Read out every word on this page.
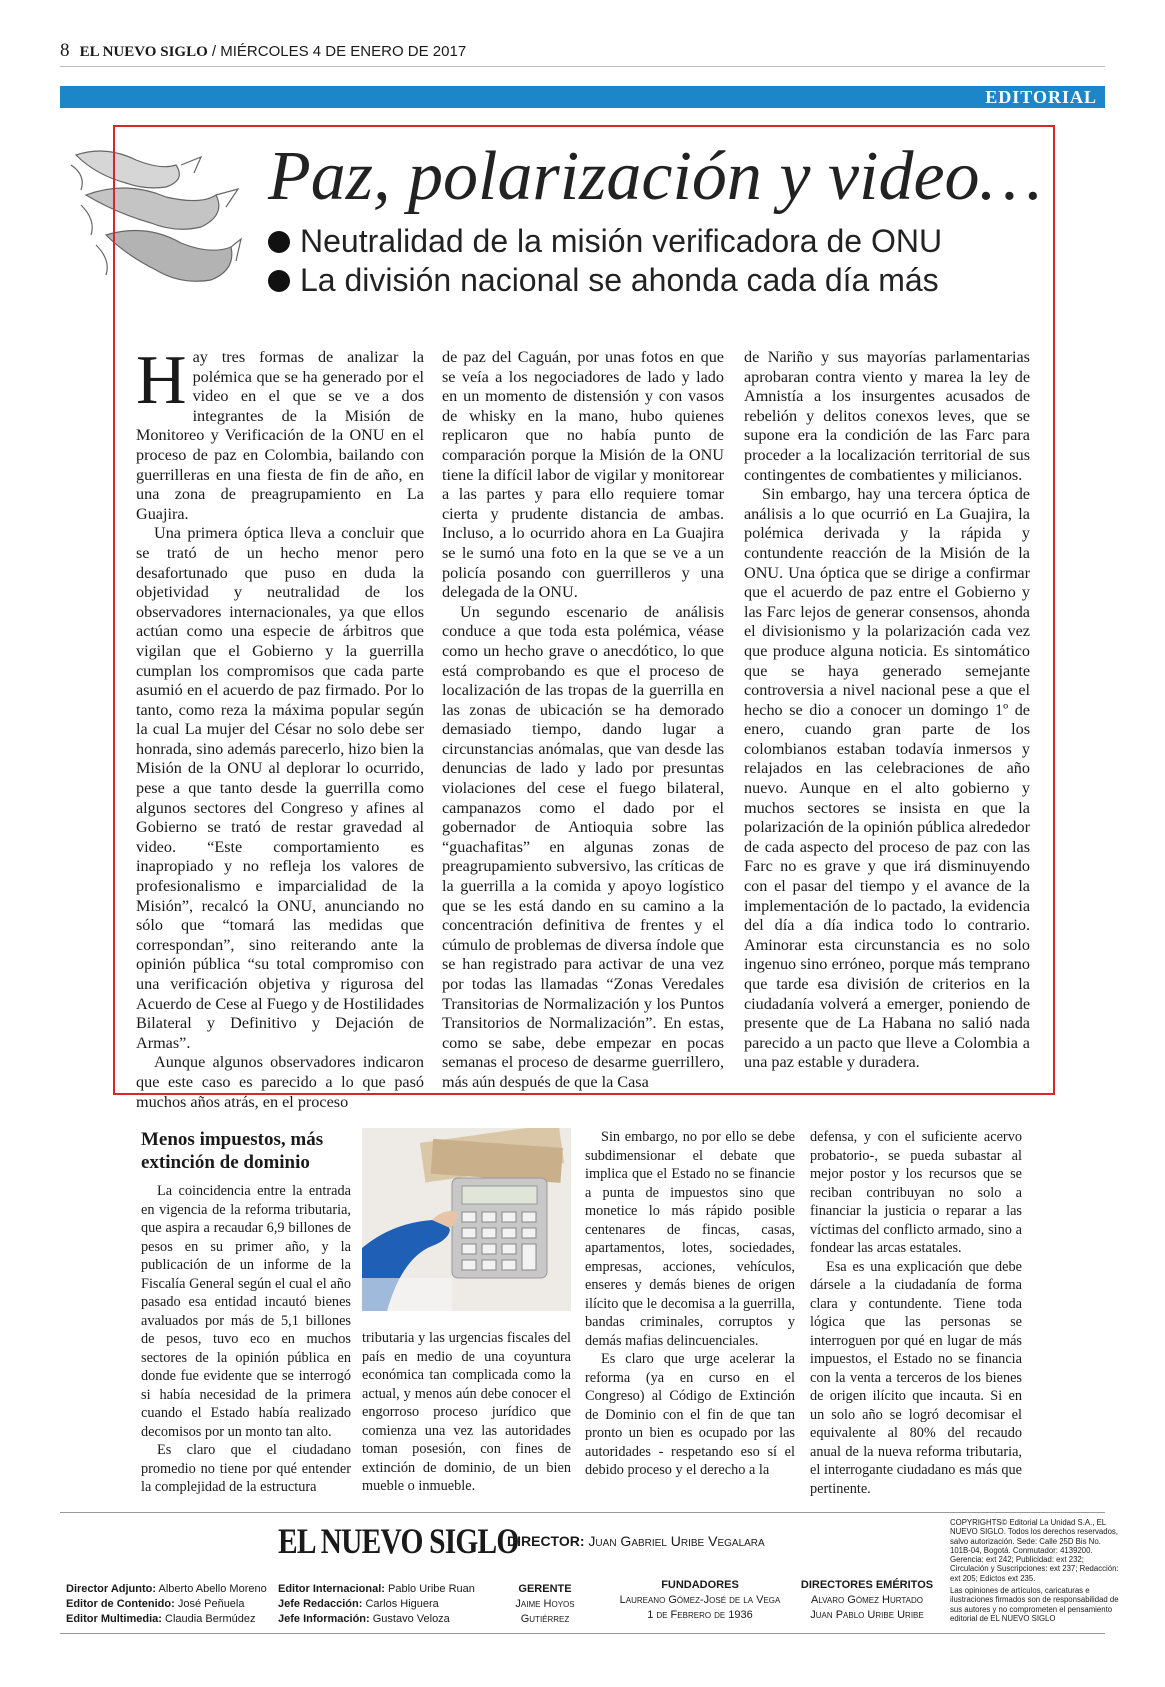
8 EL NUEVO SIGLO / MIÉRCOLES 4 DE ENERO DE 2017
EDITORIAL
Paz, polarización y video…
Neutralidad de la misión verificadora de ONU
La división nacional se ahonda cada día más

Hay tres formas de analizar la polémica que se ha generado por el video en el que se ve a dos integrantes de la Misión de Monitoreo y Verificación de la ONU en el proceso de paz en Colombia, bailando con guerrilleras en una fiesta de fin de año, en una zona de preagrupamiento en La Guajira.

Una primera óptica lleva a concluir que se trató de un hecho menor pero desafortunado que puso en duda la objetividad y neutralidad de los observadores internacionales, ya que ellos actúan como una especie de árbitros que vigilan que el Gobierno y la guerrilla cumplan los compromisos que cada parte asumió en el acuerdo de paz firmado. Por lo tanto, como reza la máxima popular según la cual La mujer del César no solo debe ser honrada, sino además parecerlo, hizo bien la Misión de la ONU al deplorar lo ocurrido, pese a que tanto desde la guerrilla como algunos sectores del Congreso y afines al Gobierno se trató de restar gravedad al video. “Este comportamiento es inapropiado y no refleja los valores de profesionalismo e imparcialidad de la Misión”, recalcó la ONU, anunciando no sólo que “tomará las medidas que correspondan”, sino reiterando ante la opinión pública “su total compromiso con una verificación objetiva y rigurosa del Acuerdo de Cese al Fuego y de Hostilidades Bilateral y Definitivo y Dejación de Armas”.

Aunque algunos observadores indicaron que este caso es parecido a lo que pasó muchos años atrás, en el proceso

de paz del Caguán, por unas fotos en que se veía a los negociadores de lado y lado en un momento de distensión y con vasos de whisky en la mano, hubo quienes replicaron que no había punto de comparación porque la Misión de la ONU tiene la difícil labor de vigilar y monitorear a las partes y para ello requiere tomar cierta y prudente distancia de ambas. Incluso, a lo ocurrido ahora en La Guajira se le sumó una foto en la que se ve a un policía posando con guerrilleros y una delegada de la ONU.

Un segundo escenario de análisis conduce a que toda esta polémica, véase como un hecho grave o anecdótico, lo que está comprobando es que el proceso de localización de las tropas de la guerrilla en las zonas de ubicación se ha demorado demasiado tiempo, dando lugar a circunstancias anómalas, que van desde las denuncias de lado y lado por presuntas violaciones del cese el fuego bilateral, campanazos como el dado por el gobernador de Antioquia sobre las “guachafitas” en algunas zonas de preagrupamiento subversivo, las críticas de la guerrilla a la comida y apoyo logístico que se les está dando en su camino a la concentración definitiva de frentes y el cúmulo de problemas de diversa índole que se han registrado para activar de una vez por todas las llamadas “Zonas Veredales Transitorias de Normalización y los Puntos Transitorios de Normalización”. En estas, como se sabe, debe empezar en pocas semanas el proceso de desarme guerrillero, más aún después de que la Casa

de Nariño y sus mayorías parlamentarias aprobaran contra viento y marea la ley de Amnistía a los insurgentes acusados de rebelión y delitos conexos leves, que se supone era la condición de las Farc para proceder a la localización territorial de sus contingentes de combatientes y milicianos.

Sin embargo, hay una tercera óptica de análisis a lo que ocurrió en La Guajira, la polémica derivada y la rápida y contundente reacción de la Misión de la ONU. Una óptica que se dirige a confirmar que el acuerdo de paz entre el Gobierno y las Farc lejos de generar consensos, ahonda el divisionismo y la polarización cada vez que produce alguna noticia. Es sintomático que se haya generado semejante controversia a nivel nacional pese a que el hecho se dio a conocer un domingo 1º de enero, cuando gran parte de los colombianos estaban todavía inmersos y relajados en las celebraciones de año nuevo. Aunque en el alto gobierno y muchos sectores se insista en que la polarización de la opinión pública alrededor de cada aspecto del proceso de paz con las Farc no es grave y que irá disminuyendo con el pasar del tiempo y el avance de la implementación de lo pactado, la evidencia del día a día indica todo lo contrario. Aminorar esta circunstancia es no solo ingenuo sino erróneo, porque más temprano que tarde esa división de criterios en la ciudadanía volverá a emerger, poniendo de presente que de La Habana no salió nada parecido a un pacto que lleve a Colombia a una paz estable y duradera.

Menos impuestos, más extinción de dominio

La coincidencia entre la entrada en vigencia de la reforma tributaria, que aspira a recaudar 6,9 billones de pesos en su primer año, y la publicación de un informe de la Fiscalía General según el cual el año pasado esa entidad incautó bienes avaluados por más de 5,1 billones de pesos, tuvo eco en muchos sectores de la opinión pública en donde fue evidente que se interrogó si había necesidad de la primera cuando el Estado había realizado decomisos por un monto tan alto.

Es claro que el ciudadano promedio no tiene por qué entender la complejidad de la estructura

tributaria y las urgencias fiscales del país en medio de una coyuntura económica tan complicada como la actual, y menos aún debe conocer el engorroso proceso jurídico que comienza una vez las autoridades toman posesión, con fines de extinción de dominio, de un bien mueble o inmueble.

Sin embargo, no por ello se debe subdimensionar el debate que implica que el Estado no se financie a punta de impuestos sino que monetice lo más rápido posible centenares de fincas, casas, apartamentos, lotes, sociedades, empresas, acciones, vehículos, enseres y demás bienes de origen ilícito que le decomisa a la guerrilla, bandas criminales, corruptos y demás mafias delincuenciales.

Es claro que urge acelerar la reforma (ya en curso en el Congreso) al Código de Extinción de Dominio con el fin de que tan pronto un bien es ocupado por las autoridades - respetando eso sí el debido proceso y el derecho a la

defensa, y con el suficiente acervo probatorio-, se pueda subastar al mejor postor y los recursos que se reciban contribuyan no solo a financiar la justicia o reparar a las víctimas del conflicto armado, sino a fondear las arcas estatales.

Esa es una explicación que debe dársele a la ciudadanía de forma clara y contundente. Tiene toda lógica que las personas se interroguen por qué en lugar de más impuestos, el Estado no se financia con la venta a terceros de los bienes de origen ilícito que incauta. Si en un solo año se logró decomisar el equivalente al 80% del recaudo anual de la nueva reforma tributaria, el interrogante ciudadano es más que pertinente.

EL NUEVO SIGLO
DIRECTOR: Juan Gabriel Uribe Vegalara
Director Adjunto: Alberto Abello Moreno
Editor de Contenido: José Peñuela
Editor Multimedia: Claudia Bermúdez
Editor Internacional: Pablo Uribe Ruan
Jefe Redacción: Carlos Higuera
Jefe Información: Gustavo Veloza
GERENTE
Jaime Hoyos
Gutiérrez
FUNDADORES
Laureano Gómez-José de la Vega
1 de Febrero de 1936
DIRECTORES EMÉRITOS
Alvaro Gómez Hurtado
Juan Pablo Uribe Uribe
COPYRIGHTS© Editorial La Unidad S.A., EL NUEVO SIGLO. Todos los derechos reservados, salvo autorización. Sede: Calle 25D Bis No. 101B-04, Bogotá. Conmutador: 4139200. Gerencia: ext 242; Publicidad: ext 232; Circulación y Suscripciones: ext 237; Redacción: ext 205; Edictos ext 235.
Las opiniones de artículos, caricaturas e ilustraciones firmados son de responsabilidad de sus autores y no comprometen el pensamiento editorial de EL NUEVO SIGLO
